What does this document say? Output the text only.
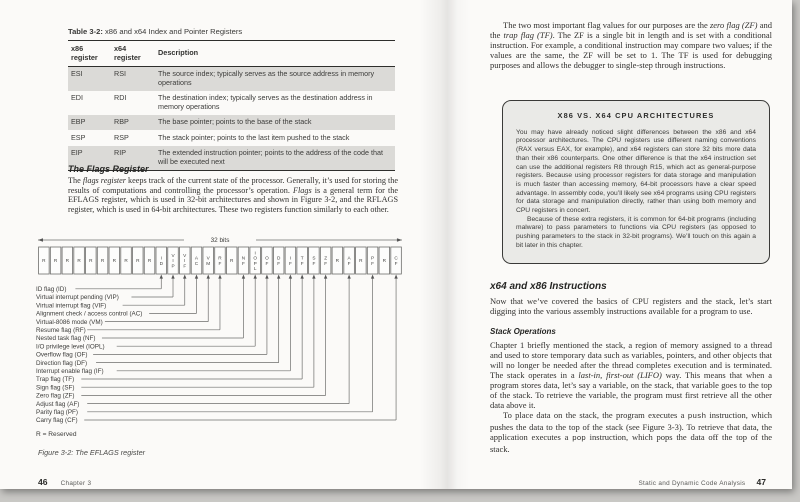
Table 3-2: x86 and x64 Index and Pointer Registers
x86 register	x64 register	Description
ESI	RSI	The source index; typically serves as the source address in memory operations
EDI	RDI	The destination index; typically serves as the destination address in memory operations
EBP	RBP	The base pointer; points to the base of the stack
ESP	RSP	The stack pointer; points to the last item pushed to the stack
EIP	RIP	The extended instruction pointer; points to the address of the code that will be executed next
The Flags Register
The flags register keeps track of the current state of the processor. Generally, it’s used for storing the results of computations and controlling the processor’s operation. Flags is a general term for the EFLAGS register, which is used in 32-bit architectures and shown in Figure 3-2, and the RFLAGS register, which is used in 64-bit architectures. These two registers function similarly to each other.
32 bits
R R R R R R R R R R
I
D
V
I
P
V
I
F
A
C
V
M
R
F
R
N
F
I
O
P
L
O
F
D
F
I
F
T
F
S
F
Z
F
R
A
F
R
P
F
R
C
F
ID flag (ID)
Virtual interrupt pending (VIP)
Virtual interrupt flag (VIF)
Alignment check / access control (AC)
Virtual-8086 mode (VM)
Resume flag (RF)
Nested task flag (NF)
I/O privilege level (IOPL)
Overflow flag (OF)
Direction flag (DF)
Interrupt enable flag (IF)
Trap flag (TF)
Sign flag (SF)
Zero flag (ZF)
Adjust flag (AF)
Parity flag (PF)
Carry flag (CF)
R = Reserved
Figure 3-2: The EFLAGS register
46 Chapter 3
The two most important flag values for our purposes are the zero flag (ZF) and the trap flag (TF). The ZF is a single bit in length and is set with a conditional instruction. For example, a conditional instruction may compare two values; if the values are the same, the ZF will be set to 1. The TF is used for debugging purposes and allows the debugger to single-step through instructions.
X86 VS. X64 CPU ARCHITECTURES

You may have already noticed slight differences between the x86 and x64 processor architectures. The CPU registers use different naming conventions (RAX versus EAX, for example), and x64 registers can store 32 bits more data than their x86 counterparts. One other difference is that the x64 instruction set can use the additional registers R8 through R15, which act as general-purpose registers. Because using processor registers for data storage and manipulation is much faster than accessing memory, 64-bit processors have a clear speed advantage. In assembly code, you’ll likely see x64 programs using CPU registers for data storage and manipulation directly, rather than using both memory and CPU registers in concert.

Because of these extra registers, it is common for 64-bit programs (including malware) to pass parameters to functions via CPU registers (as opposed to pushing parameters to the stack in 32-bit programs). We’ll touch on this again a bit later in this chapter.

x64 and x86 Instructions
Now that we’ve covered the basics of CPU registers and the stack, let’s start digging into the various assembly instructions available for a program to use.
Stack Operations

Chapter 1 briefly mentioned the stack, a region of memory assigned to a thread and used to store temporary data such as variables, pointers, and other objects that will no longer be needed after the thread completes execution and is terminated. The stack operates in a last-in, first-out (LIFO) way. This means that when a program stores data, let’s say a variable, on the stack, that variable goes to the top of the stack. To retrieve the variable, the program must first retrieve all the other data above it.

To place data on the stack, the program executes a push instruction, which pushes the data to the top of the stack (see Figure 3-3). To retrieve that data, the application executes a pop instruction, which pops the data off the top of the stack.

Static and Dynamic Code Analysis 47
